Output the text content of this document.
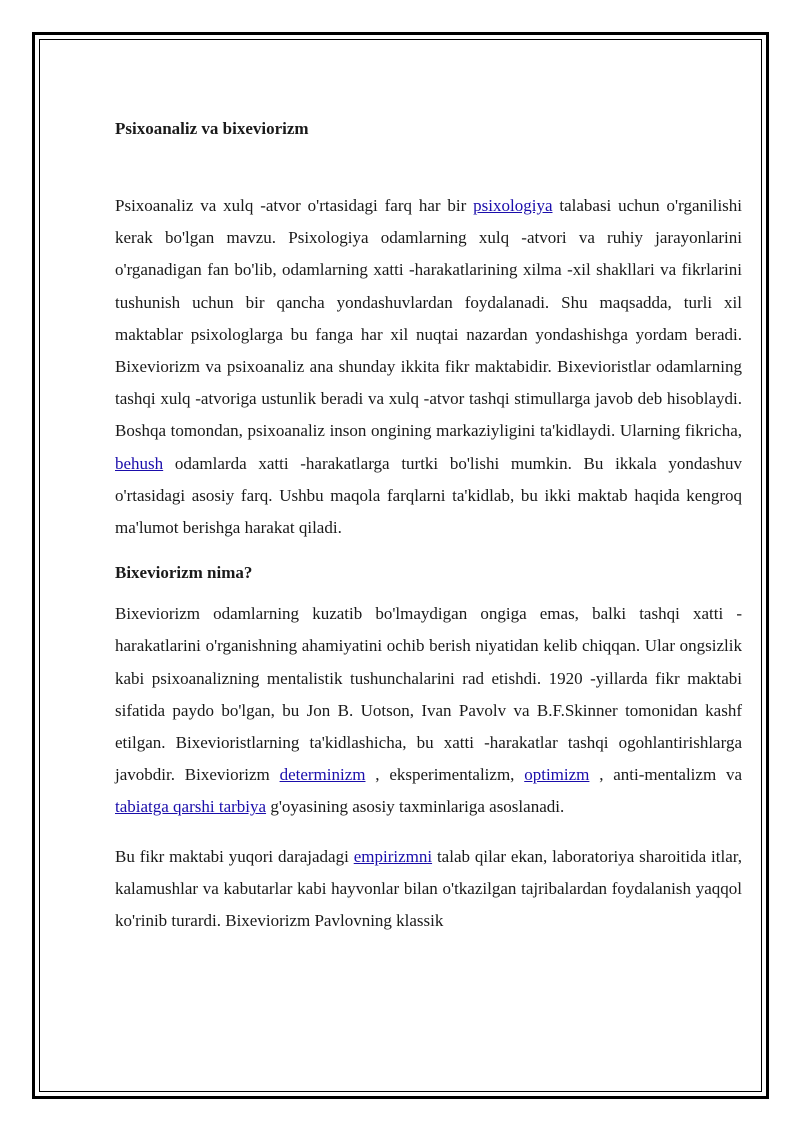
Psixoanaliz va bixeviorizm

Psixoanaliz va xulq -atvor o'rtasidagi farq har bir psixologiya talabasi uchun o'rganilishi kerak bo'lgan mavzu. Psixologiya odamlarning xulq -atvori va ruhiy jarayonlarini o'rganadigan fan bo'lib, odamlarning xatti -harakatlarining xilma -xil shakllari va fikrlarini tushunish uchun bir qancha yondashuvlardan foydalanadi. Shu maqsadda, turli xil maktablar psixologlarga bu fanga har xil nuqtai nazardan yondashishga yordam beradi. Bixeviorizm va psixoanaliz ana shunday ikkita fikr maktabidir. Bixevioristlar odamlarning tashqi xulq -atvoriga ustunlik beradi va xulq -atvor tashqi stimullarga javob deb hisoblaydi. Boshqa tomondan, psixoanaliz inson ongining markaziyligini ta'kidlaydi. Ularning fikricha, behush odamlarda xatti -harakatlarga turtki bo'lishi mumkin. Bu ikkala yondashuv o'rtasidagi asosiy farq. Ushbu maqola farqlarni ta'kidlab, bu ikki maktab haqida kengroq ma'lumot berishga harakat qiladi.

Bixeviorizm nima?

Bixeviorizm odamlarning kuzatib bo'lmaydigan ongiga emas, balki tashqi xatti -harakatlarini o'rganishning ahamiyatini ochib berish niyatidan kelib chiqqan. Ular ongsizlik kabi psixoanalizning mentalistik tushunchalarini rad etishdi. 1920 -yillarda fikr maktabi sifatida paydo bo'lgan, bu Jon B. Uotson, Ivan Pavolv va B.F.Skinner tomonidan kashf etilgan. Bixevioristlarning ta'kidlashicha, bu xatti -harakatlar tashqi ogohlantirishlarga javobdir. Bixeviorizm determinizm , eksperimentalizm, optimizm , anti-mentalizm va tabiatga qarshi tarbiya g'oyasining asosiy taxminlariga asoslanadi.

Bu fikr maktabi yuqori darajadagi empirizmni talab qilar ekan, laboratoriya sharoitida itlar, kalamushlar va kabutarlar kabi hayvonlar bilan o'tkazilgan tajribalardan foydalanish yaqqol ko'rinib turardi. Bixeviorizm Pavlovning klassik
